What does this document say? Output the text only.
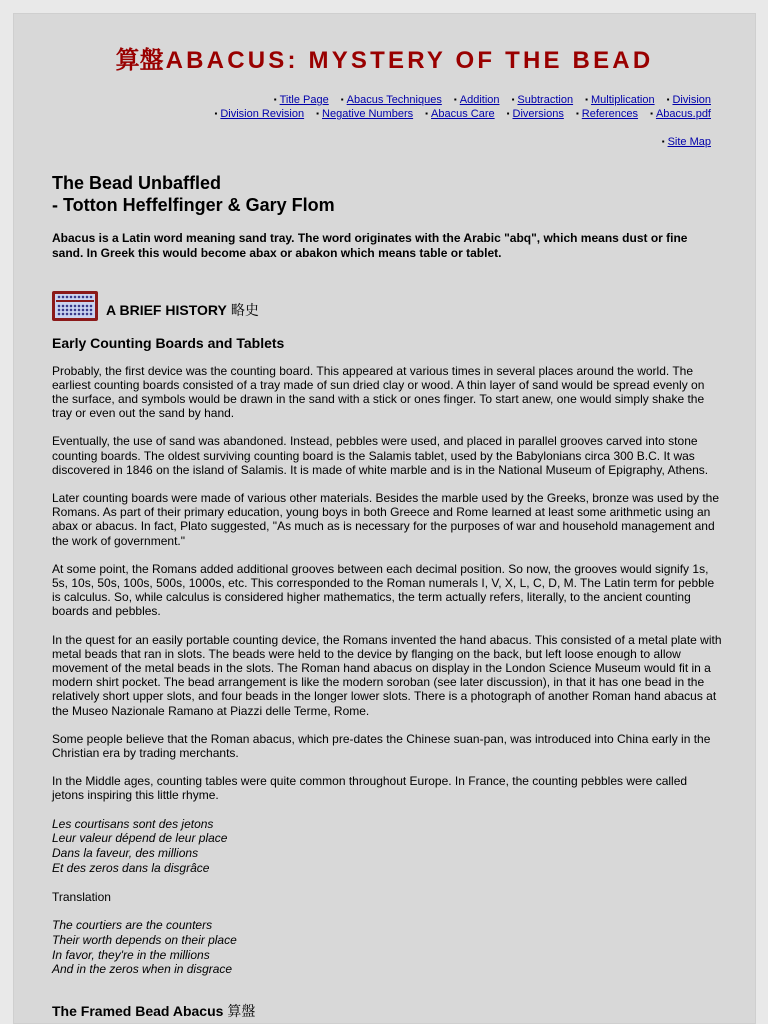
算盤ABACUS: MYSTERY OF THE BEAD
▪ Title Page ▪ Abacus Techniques ▪ Addition ▪ Subtraction ▪ Multiplication ▪ Division
▪ Division Revision ▪ Negative Numbers ▪ Abacus Care ▪ Diversions ▪ References ▪ Abacus.pdf
▪ Site Map
The Bead Unbaffled
- Totton Heffelfinger & Gary Flom

Abacus is a Latin word meaning sand tray. The word originates with the Arabic "abq", which means dust or fine sand. In Greek this would become abax or abakon which means table or tablet.

A BRIEF HISTORY 略史
Early Counting Boards and Tablets

Probably, the first device was the counting board. This appeared at various times in several places around the world. The earliest counting boards consisted of a tray made of sun dried clay or wood. A thin layer of sand would be spread evenly on the surface, and symbols would be drawn in the sand with a stick or ones finger. To start anew, one would simply shake the tray or even out the sand by hand.

Eventually, the use of sand was abandoned. Instead, pebbles were used, and placed in parallel grooves carved into stone counting boards. The oldest surviving counting board is the Salamis tablet, used by the Babylonians circa 300 B.C. It was discovered in 1846 on the island of Salamis. It is made of white marble and is in the National Museum of Epigraphy, Athens.

Later counting boards were made of various other materials. Besides the marble used by the Greeks, bronze was used by the Romans. As part of their primary education, young boys in both Greece and Rome learned at least some arithmetic using an abax or abacus. In fact, Plato suggested, "As much as is necessary for the purposes of war and household management and the work of government."

At some point, the Romans added additional grooves between each decimal position. So now, the grooves would signify 1s, 5s, 10s, 50s, 100s, 500s, 1000s, etc. This corresponded to the Roman numerals I, V, X, L, C, D, M. The Latin term for pebble is calculus. So, while calculus is considered higher mathematics, the term actually refers, literally, to the ancient counting boards and pebbles.

In the quest for an easily portable counting device, the Romans invented the hand abacus. This consisted of a metal plate with metal beads that ran in slots. The beads were held to the device by flanging on the back, but left loose enough to allow movement of the metal beads in the slots. The Roman hand abacus on display in the London Science Museum would fit in a modern shirt pocket. The bead arrangement is like the modern soroban (see later discussion), in that it has one bead in the relatively short upper slots, and four beads in the longer lower slots. There is a photograph of another Roman hand abacus at the Museo Nazionale Ramano at Piazzi delle Terme, Rome.

Some people believe that the Roman abacus, which pre-dates the Chinese suan-pan, was introduced into China early in the Christian era by trading merchants.

In the Middle ages, counting tables were quite common throughout Europe. In France, the counting pebbles were called jetons inspiring this little rhyme.

Les courtisans sont des jetons
Leur valeur dépend de leur place
Dans la faveur, des millions
Et des zeros dans la disgrâce

Translation

The courtiers are the counters
Their worth depends on their place
In favor, they're in the millions
And in the zeros when in disgrace

The Framed Bead Abacus 算盤
